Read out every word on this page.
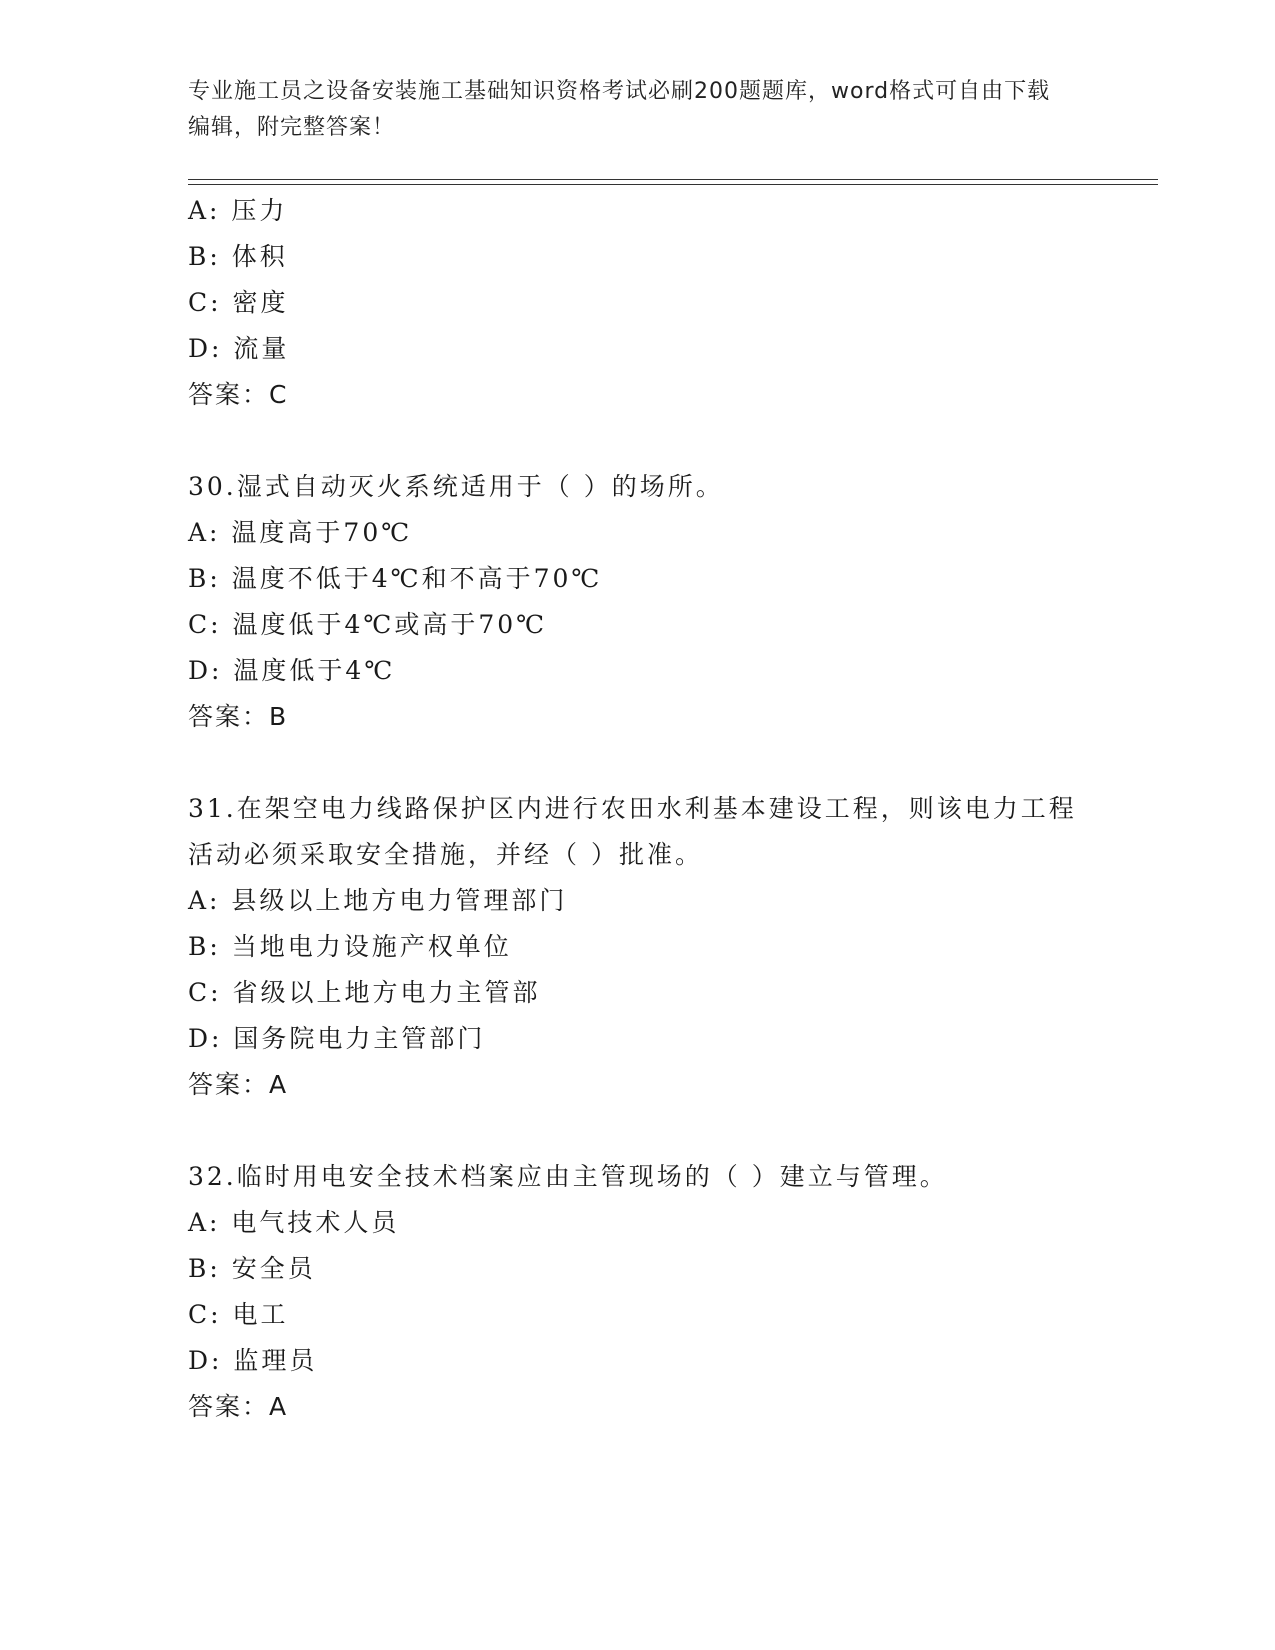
专业施工员之设备安装施工基础知识资格考试必刷200题题库，word格式可自由下载编辑，附完整答案！
A: 压力
B: 体积
C: 密度
D: 流量
答案：C
30.湿式自动灭火系统适用于（ ）的场所。
A: 温度高于70℃
B: 温度不低于4℃和不高于70℃
C: 温度低于4℃或高于70℃
D: 温度低于4℃
答案：B
31.在架空电力线路保护区内进行农田水利基本建设工程，则该电力工程活动必须采取安全措施，并经（ ）批准。
A: 县级以上地方电力管理部门
B: 当地电力设施产权单位
C: 省级以上地方电力主管部
D: 国务院电力主管部门
答案：A
32.临时用电安全技术档案应由主管现场的（ ）建立与管理。
A: 电气技术人员
B: 安全员
C: 电工
D: 监理员
答案：A
